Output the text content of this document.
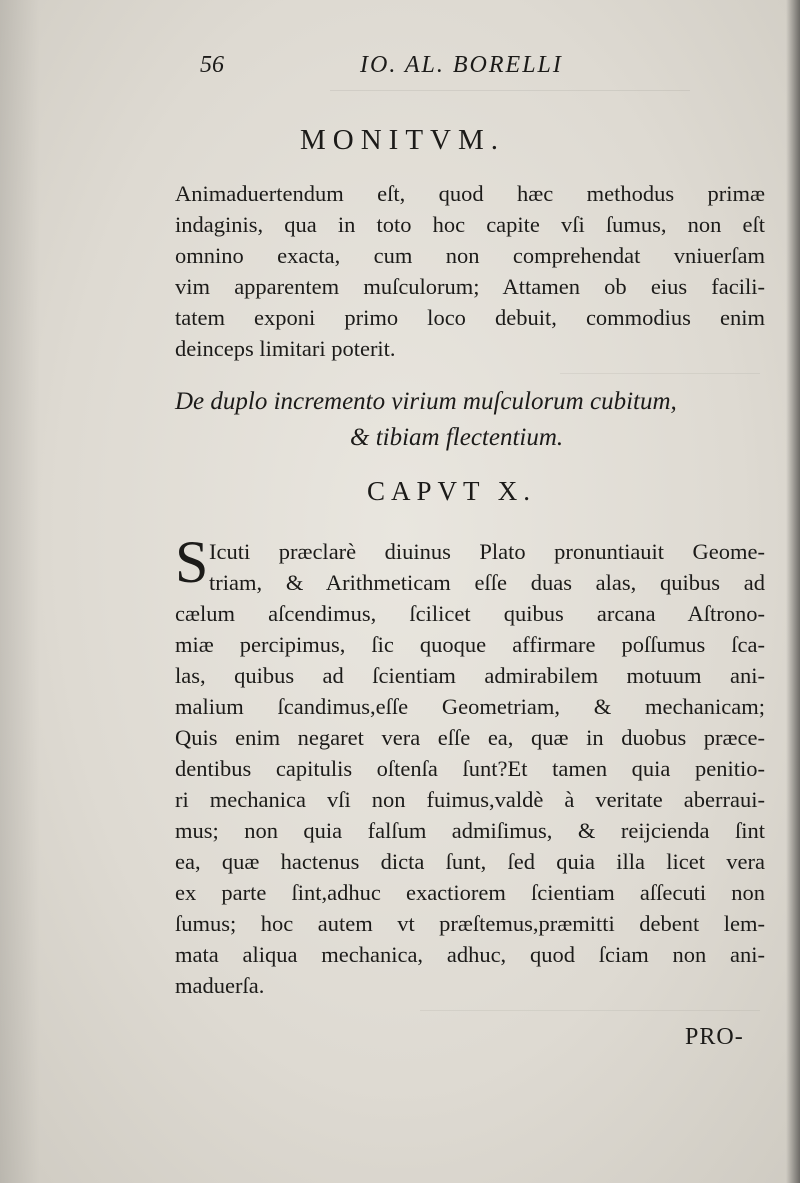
56	IO. AL. BORELLI
MONITVM.
Animaduertendum eſt, quod hæc methodus primæ
indaginis, qua in toto hoc capite vſi ſumus, non eſt
omnino exacta, cum non comprehendat vniuerſam
vim apparentem muſculorum; Attamen ob eius facili-
tatem exponi primo loco debuit, commodius enim
deinceps limitari poterit.
De duplo incremento virium muſculorum cubitum,
& tibiam flectentium.
CAPVT X.
S Icuti præclarè diuinus Plato pronuntiauit Geome-
triam, & Arithmeticam eſſe duas alas, quibus ad
cælum aſcendimus, ſcilicet quibus arcana Aſtrono-
miæ percipimus, ſic quoque affirmare poſſumus ſca-
las, quibus ad ſcientiam admirabilem motuum ani-
malium ſcandimus,eſſe Geometriam, & mechanicam;
Quis enim negaret vera eſſe ea, quæ in duobus præce-
dentibus capitulis oſtenſa ſunt?Et tamen quia penitio-
ri mechanica vſi non fuimus,valdè à veritate aberraui-
mus; non quia falſum admiſimus, & reijcienda ſint
ea, quæ hactenus dicta ſunt, ſed quia illa licet vera
ex parte ſint,adhuc exactiorem ſcientiam aſſecuti non
ſumus; hoc autem vt præſtemus,præmitti debent lem-
mata aliqua mechanica, adhuc, quod ſciam non ani-
maduerſa.
PRO-
